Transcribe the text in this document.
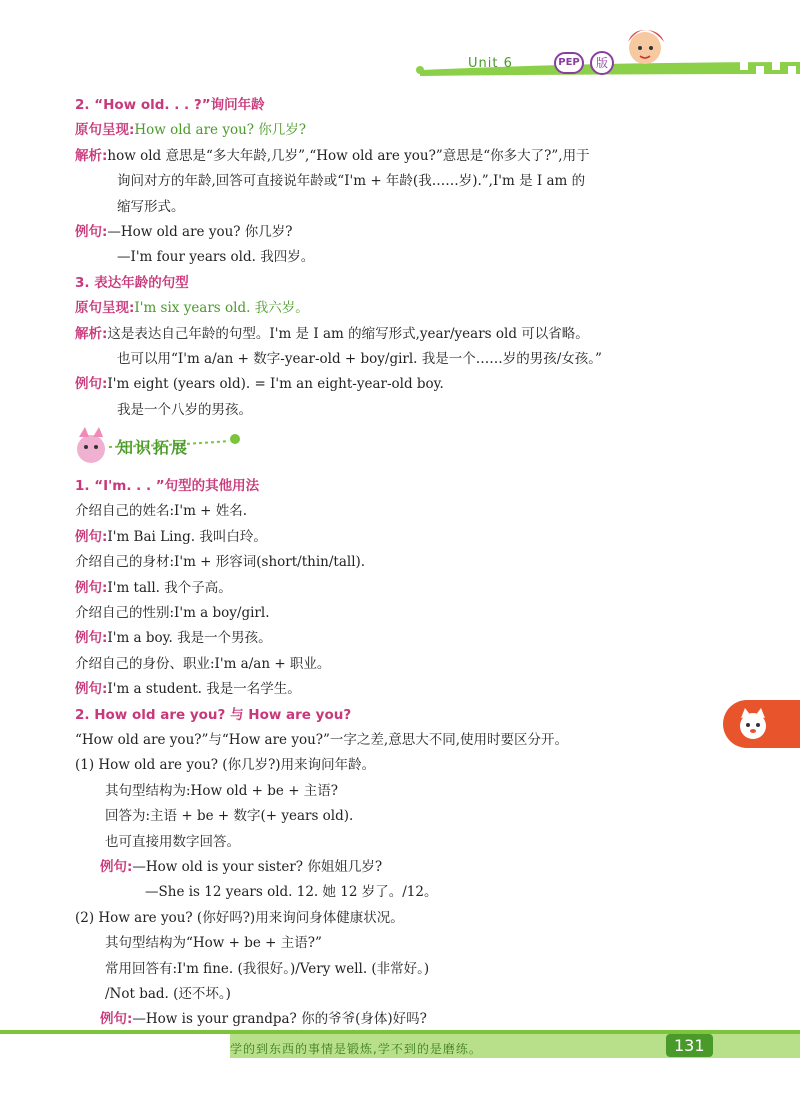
Unit 6	PEP	版
2. “How old. . . ?”询问年龄
原句呈现:How old are you? 你几岁?
解析:how old 意思是“多大年龄,几岁”,“How old are you?”意思是“你多大了?”,用于
询问对方的年龄,回答可直接说年龄或“I'm + 年龄(我……岁).”,I'm 是 I am 的
缩写形式。
例句:—How old are you? 你几岁?
—I'm four years old. 我四岁。
3. 表达年龄的句型
原句呈现:I'm six years old. 我六岁。
解析:这是表达自己年龄的句型。I'm 是 I am 的缩写形式,year/years old 可以省略。
也可以用“I'm a/an + 数字-year-old + boy/girl. 我是一个……岁的男孩/女孩。”
例句:I'm eight (years old). = I'm an eight-year-old boy.
我是一个八岁的男孩。
知识拓展
1. “I'm. . . ”句型的其他用法
介绍自己的姓名:I'm + 姓名.
例句:I'm Bai Ling. 我叫白玲。
介绍自己的身材:I'm + 形容词(short/thin/tall).
例句:I'm tall. 我个子高。
介绍自己的性别:I'm a boy/girl.
例句:I'm a boy. 我是一个男孩。
介绍自己的身份、职业:I'm a/an + 职业。
例句:I'm a student. 我是一名学生。
2. How old are you? 与 How are you?
“How old are you?”与“How are you?”一字之差,意思大不同,使用时要区分开。
(1) How old are you? (你几岁?)用来询问年龄。
其句型结构为:How old + be + 主语?
回答为:主语 + be + 数字(+ years old).
也可直接用数字回答。
例句:—How old is your sister? 你姐姐几岁?
—She is 12 years old. 12. 她 12 岁了。/12。
(2) How are you? (你好吗?)用来询问身体健康状况。
其句型结构为“How + be + 主语?”
常用回答有:I'm fine. (我很好。)/Very well. (非常好。)
/Not bad. (还不坏。)
例句:—How is your grandpa? 你的爷爷(身体)好吗?
学的到东西的事情是锻炼,学不到的是磨练。	131
